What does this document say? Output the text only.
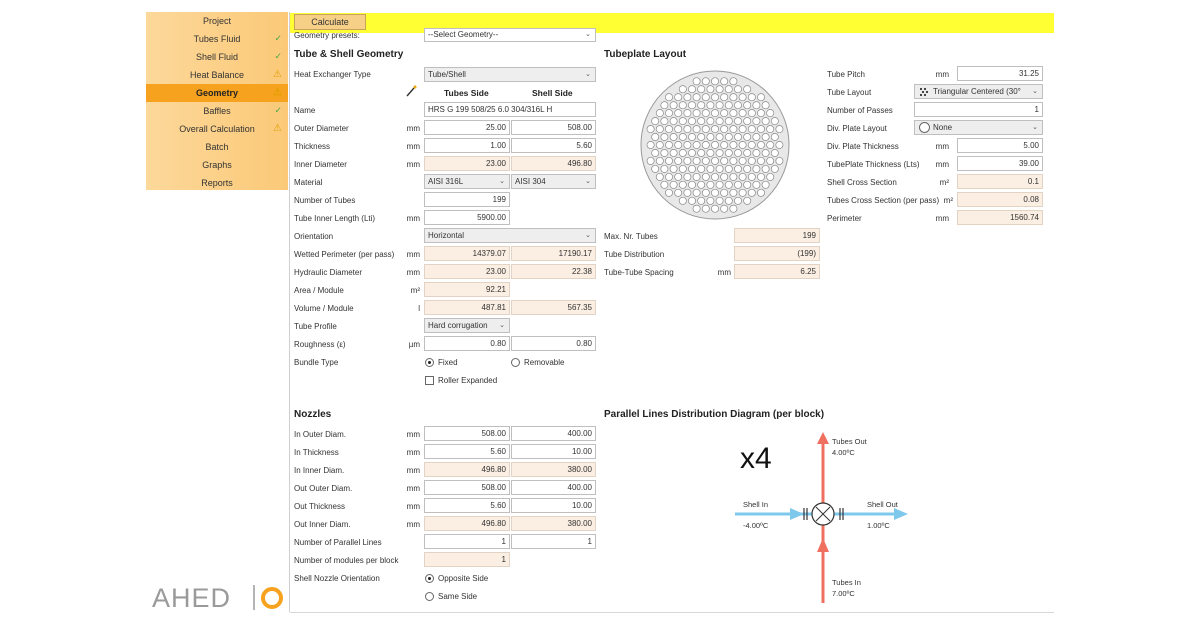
Project
Tubes Fluid	✓
Shell Fluid	✓
Heat Balance	⚠
Geometry	⚠
Baffles	✓
Overall Calculation ⚠
Batch
Graphs
Reports
Calculate
Geometry presets:	--Select Geometry--	⌄
Tube & Shell Geometry
Heat Exchanger Type	Tube/Shell	⌄
Tubes Side	Shell Side
Name	HRS G 199 508/25 6.0 304/316L H
Outer Diameter	mm	25.00	508.00
Thickness	mm	1.00	5.60
Inner Diameter	mm	23.00	496.80
Material	AISI 316L	⌄	AISI 304	⌄
Number of Tubes	199
Tube Inner Length (Lti)	mm	5900.00
Orientation	Horizontal	⌄
Wetted Perimeter (per pass)	mm	14379.07	17190.17
Hydraulic Diameter	mm	23.00	22.38
Area / Module	m²	92.21
Volume / Module	l	487.81	567.35
Tube Profile	Hard corrugation ⌄
Roughness (ε)	µm	0.80	0.80
Bundle Type	Fixed	Removable
Roller Expanded
Tubeplate Layout
Tube Pitch	mm	31.25
Tube Layout	Triangular Centered (30° ⌄
Number of Passes	1
Div. Plate Layout	None	⌄
Div. Plate Thickness	mm	5.00
TubePlate Thickness (Lts)	mm	39.00
Shell Cross Section	m²	0.1
Tubes Cross Section (per pass) m²	0.08
Perimeter	mm	1560.74
Max. Nr. Tubes	199
Tube Distribution	(199)
Tube-Tube Spacing	mm	6.25
Nozzles
In Outer Diam.	mm	508.00	400.00
In Thickness	mm	5.60	10.00
In Inner Diam.	mm	496.80	380.00
Out Outer Diam.	mm	508.00	400.00
Out Thickness	mm	5.60	10.00
Out Inner Diam.	mm	496.80	380.00
Number of Parallel Lines	1	1
Number of modules per block	1
Shell Nozzle Orientation	Opposite Side
Same Side
Parallel Lines Distribution Diagram (per block)
x4
Tubes Out
4.00ºC
Tubes In
7.00ºC
Shell In
-4.00ºC
Shell Out
1.00ºC
AHED
